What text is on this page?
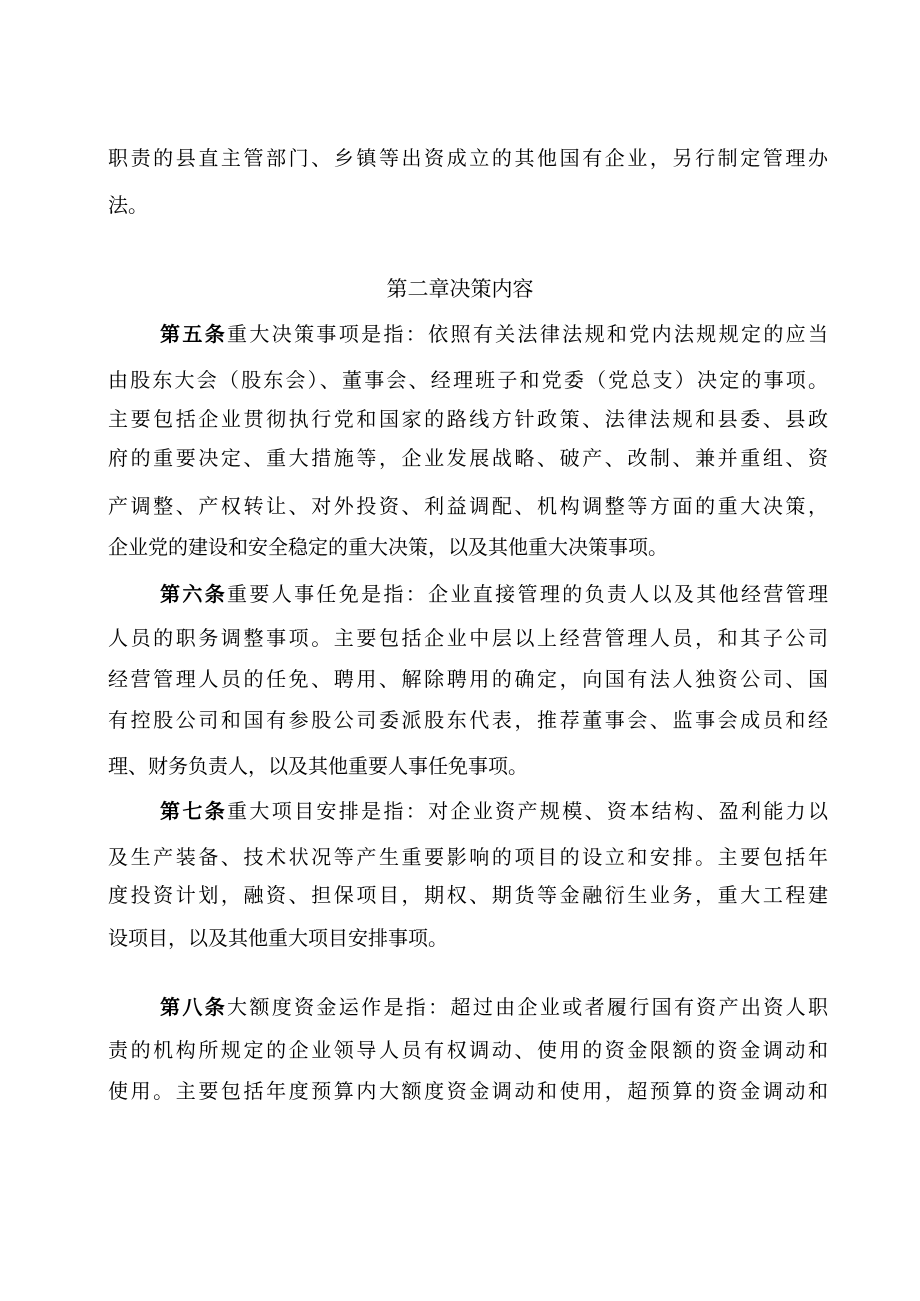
职责的县直主管部门、乡镇等出资成立的其他国有企业，另行制定管理办
法。
第二章决策内容
第五条重大决策事项是指：依照有关法律法规和党内法规规定的应当
由股东大会（股东会）、董事会、经理班子和党委（党总支）决定的事项。
主要包括企业贯彻执行党和国家的路线方针政策、法律法规和县委、县政
府的重要决定、重大措施等，企业发展战略、破产、改制、兼并重组、资
产调整、产权转让、对外投资、利益调配、机构调整等方面的重大决策，
企业党的建设和安全稳定的重大决策，以及其他重大决策事项。
第六条重要人事任免是指：企业直接管理的负责人以及其他经营管理
人员的职务调整事项。主要包括企业中层以上经营管理人员，和其子公司
经营管理人员的任免、聘用、解除聘用的确定，向国有法人独资公司、国
有控股公司和国有参股公司委派股东代表，推荐董事会、监事会成员和经
理、财务负责人，以及其他重要人事任免事项。
第七条重大项目安排是指：对企业资产规模、资本结构、盈利能力以
及生产装备、技术状况等产生重要影响的项目的设立和安排。主要包括年
度投资计划，融资、担保项目，期权、期货等金融衍生业务，重大工程建
设项目，以及其他重大项目安排事项。
第八条大额度资金运作是指：超过由企业或者履行国有资产出资人职
责的机构所规定的企业领导人员有权调动、使用的资金限额的资金调动和
使用。主要包括年度预算内大额度资金调动和使用，超预算的资金调动和
